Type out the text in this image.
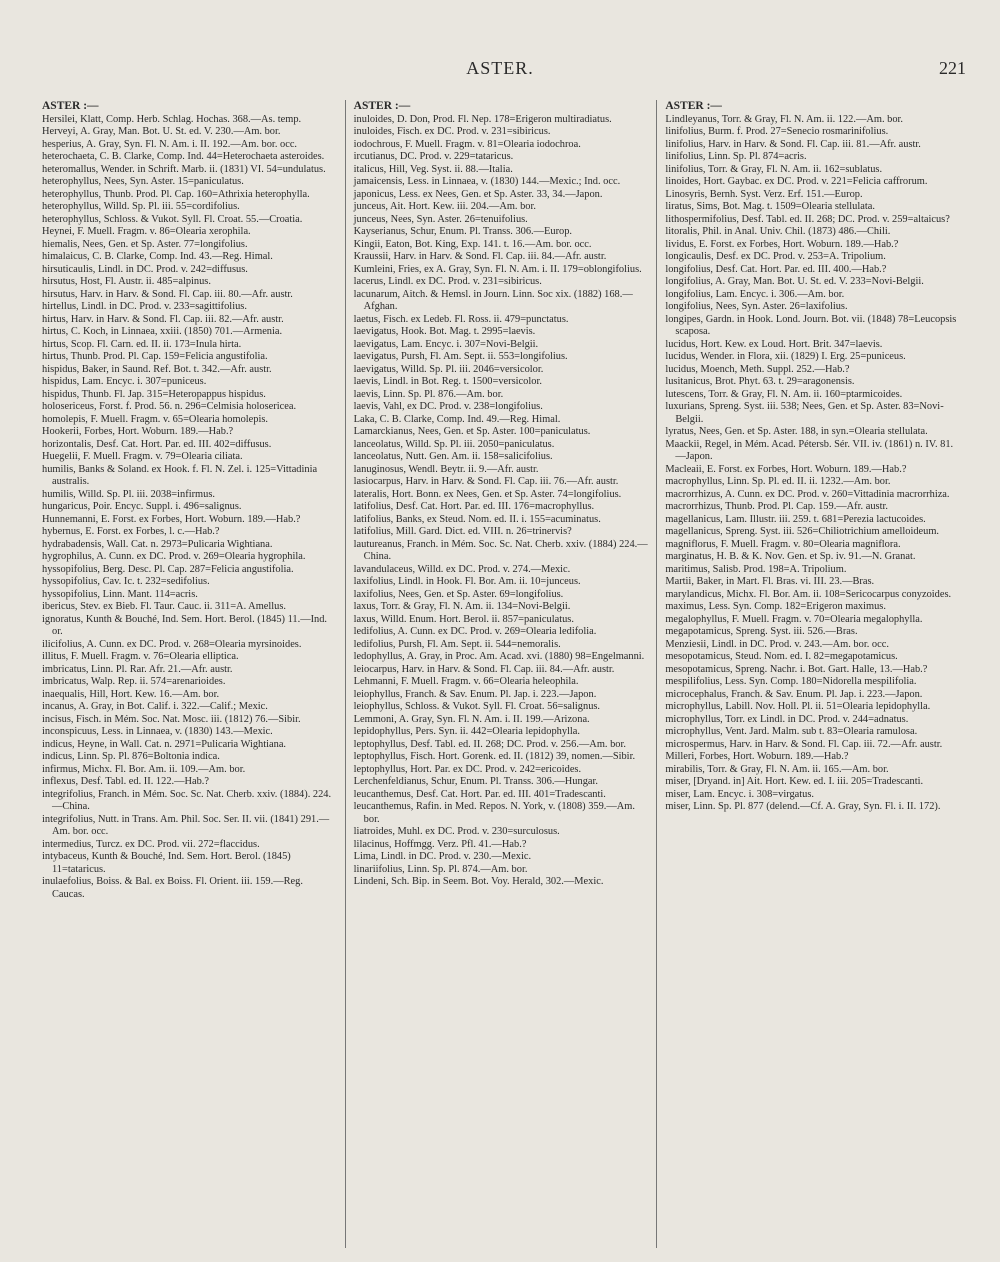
ASTER.	221
ASTER :—

Hersilei, Klatt, Comp. Herb. Schlag. Hochas. 368.—As. temp.

Herveyi, A. Gray, Man. Bot. U. St. ed. V. 230.—Am. bor.

hesperius, A. Gray, Syn. Fl. N. Am. i. II. 192.—Am. bor. occ.

heterochaeta, C. B. Clarke, Comp. Ind. 44=Heterochaeta asteroides.

heteromallus, Wender. in Schrift. Marb. ii. (1831) VI. 54=undulatus.

heterophyllus, Nees, Syn. Aster. 15=paniculatus.

heterophyllus, Thunb. Prod. Pl. Cap. 160=Athrixia heterophylla.

heterophyllus, Willd. Sp. Pl. iii. 55=cordifolius.

heterophyllus, Schloss. & Vukot. Syll. Fl. Croat. 55.—Croatia.

Heynei, F. Muell. Fragm. v. 86=Olearia xerophila.

hiemalis, Nees, Gen. et Sp. Aster. 77=longifolius.

himalaicus, C. B. Clarke, Comp. Ind. 43.—Reg. Himal.

hirsuticaulis, Lindl. in DC. Prod. v. 242=diffusus.

hirsutus, Host, Fl. Austr. ii. 485=alpinus.

hirsutus, Harv. in Harv. & Sond. Fl. Cap. iii. 80.—Afr. austr.

hirtellus, Lindl. in DC. Prod. v. 233=sagittifolius.

hirtus, Harv. in Harv. & Sond. Fl. Cap. iii. 82.—Afr. austr.

hirtus, C. Koch, in Linnaea, xxiii. (1850) 701.—Armenia.

hirtus, Scop. Fl. Carn. ed. II. ii. 173=Inula hirta.

hirtus, Thunb. Prod. Pl. Cap. 159=Felicia angustifolia.

hispidus, Baker, in Saund. Ref. Bot. t. 342.—Afr. austr.

hispidus, Lam. Encyc. i. 307=puniceus.

hispidus, Thunb. Fl. Jap. 315=Heteropappus hispidus.

holosericeus, Forst. f. Prod. 56. n. 296=Celmisia holosericea.

homolepis, F. Muell. Fragm. v. 65=Olearia homolepis.

Hookerii, Forbes, Hort. Woburn. 189.—Hab.?

horizontalis, Desf. Cat. Hort. Par. ed. III. 402=diffusus.

Huegelii, F. Muell. Fragm. v. 79=Olearia ciliata.

humilis, Banks & Soland. ex Hook. f. Fl. N. Zel. i. 125=Vittadinia australis.

humilis, Willd. Sp. Pl. iii. 2038=infirmus.

hungaricus, Poir. Encyc. Suppl. i. 496=salignus.

Hunnemanni, E. Forst. ex Forbes, Hort. Woburn. 189.—Hab.?

hybernus, E. Forst. ex Forbes, l. c.—Hab.?

hydrabadensis, Wall. Cat. n. 2973=Pulicaria Wightiana.

hygrophilus, A. Cunn. ex DC. Prod. v. 269=Olearia hygrophila.

hyssopifolius, Berg. Desc. Pl. Cap. 287=Felicia angustifolia.

hyssopifolius, Cav. Ic. t. 232=sedifolius.

hyssopifolius, Linn. Mant. 114=acris.

ibericus, Stev. ex Bieb. Fl. Taur. Cauc. ii. 311=A. Amellus.

ignoratus, Kunth & Bouché, Ind. Sem. Hort. Berol. (1845) 11.—Ind. or.

ilicifolius, A. Cunn. ex DC. Prod. v. 268=Olearia myrsinoides.

illitus, F. Muell. Fragm. v. 76=Olearia elliptica.

imbricatus, Linn. Pl. Rar. Afr. 21.—Afr. austr.

imbricatus, Walp. Rep. ii. 574=arenarioides.

inaequalis, Hill, Hort. Kew. 16.—Am. bor.

incanus, A. Gray, in Bot. Calif. i. 322.—Calif.; Mexic.

incisus, Fisch. in Mém. Soc. Nat. Mosc. iii. (1812) 76.—Sibir.

inconspicuus, Less. in Linnaea, v. (1830) 143.—Mexic.

indicus, Heyne, in Wall. Cat. n. 2971=Pulicaria Wightiana.

indicus, Linn. Sp. Pl. 876=Boltonia indica.

infirmus, Michx. Fl. Bor. Am. ii. 109.—Am. bor.

inflexus, Desf. Tabl. ed. II. 122.—Hab.?

integrifolius, Franch. in Mém. Soc. Sc. Nat. Cherb. xxiv. (1884). 224.—China.

integrifolius, Nutt. in Trans. Am. Phil. Soc. Ser. II. vii. (1841) 291.—Am. bor. occ.

intermedius, Turcz. ex DC. Prod. vii. 272=flaccidus.

intybaceus, Kunth & Bouché, Ind. Sem. Hort. Berol. (1845) 11=tataricus.

inulaefolius, Boiss. & Bal. ex Boiss. Fl. Orient. iii. 159.—Reg. Caucas.

ASTER :—

inuloides, D. Don, Prod. Fl. Nep. 178=Erigeron multiradiatus.

inuloides, Fisch. ex DC. Prod. v. 231=sibiricus.

iodochrous, F. Muell. Fragm. v. 81=Olearia iodochroa.

ircutianus, DC. Prod. v. 229=tataricus.

italicus, Hill, Veg. Syst. ii. 88.—Italia.

jamaicensis, Less. in Linnaea, v. (1830) 144.—Mexic.; Ind. occ.

japonicus, Less. ex Nees, Gen. et Sp. Aster. 33, 34.—Japon.

junceus, Ait. Hort. Kew. iii. 204.—Am. bor.

junceus, Nees, Syn. Aster. 26=tenuifolius.

Kayserianus, Schur, Enum. Pl. Transs. 306.—Europ.

Kingii, Eaton, Bot. King, Exp. 141. t. 16.—Am. bor. occ.

Kraussii, Harv. in Harv. & Sond. Fl. Cap. iii. 84.—Afr. austr.

Kumleini, Fries, ex A. Gray, Syn. Fl. N. Am. i. II. 179=oblongifolius.

lacerus, Lindl. ex DC. Prod. v. 231=sibiricus.

lacunarum, Aitch. & Hemsl. in Journ. Linn. Soc xix. (1882) 168.—Afghan.

laetus, Fisch. ex Ledeb. Fl. Ross. ii. 479=punctatus.

laevigatus, Hook. Bot. Mag. t. 2995=laevis.

laevigatus, Lam. Encyc. i. 307=Novi-Belgii.

laevigatus, Pursh, Fl. Am. Sept. ii. 553=longifolius.

laevigatus, Willd. Sp. Pl. iii. 2046=versicolor.

laevis, Lindl. in Bot. Reg. t. 1500=versicolor.

laevis, Linn. Sp. Pl. 876.—Am. bor.

laevis, Vahl, ex DC. Prod. v. 238=longifolius.

Laka, C. B. Clarke, Comp. Ind. 49.—Reg. Himal.

Lamarckianus, Nees, Gen. et Sp. Aster. 100=paniculatus.

lanceolatus, Willd. Sp. Pl. iii. 2050=paniculatus.

lanceolatus, Nutt. Gen. Am. ii. 158=salicifolius.

lanuginosus, Wendl. Beytr. ii. 9.—Afr. austr.

lasiocarpus, Harv. in Harv. & Sond. Fl. Cap. iii. 76.—Afr. austr.

lateralis, Hort. Bonn. ex Nees, Gen. et Sp. Aster. 74=longifolius.

latifolius, Desf. Cat. Hort. Par. ed. III. 176=macrophyllus.

latifolius, Banks, ex Steud. Nom. ed. II. i. 155=acuminatus.

latifolius, Mill. Gard. Dict. ed. VIII. n. 26=trinervis?

lautureanus, Franch. in Mém. Soc. Sc. Nat. Cherb. xxiv. (1884) 224.—China.

lavandulaceus, Willd. ex DC. Prod. v. 274.—Mexic.

laxifolius, Lindl. in Hook. Fl. Bor. Am. ii. 10=junceus.

laxifolius, Nees, Gen. et Sp. Aster. 69=longifolius.

laxus, Torr. & Gray, Fl. N. Am. ii. 134=Novi-Belgii.

laxus, Willd. Enum. Hort. Berol. ii. 857=paniculatus.

ledifolius, A. Cunn. ex DC. Prod. v. 269=Olearia ledifolia.

ledifolius, Pursh, Fl. Am. Sept. ii. 544=nemoralis.

ledophyllus, A. Gray, in Proc. Am. Acad. xvi. (1880) 98=Engelmanni.

leiocarpus, Harv. in Harv. & Sond. Fl. Cap. iii. 84.—Afr. austr.

Lehmanni, F. Muell. Fragm. v. 66=Olearia heleophila.

leiophyllus, Franch. & Sav. Enum. Pl. Jap. i. 223.—Japon.

leiophyllus, Schloss. & Vukot. Syll. Fl. Croat. 56=salignus.

Lemmoni, A. Gray, Syn. Fl. N. Am. i. II. 199.—Arizona.

lepidophyllus, Pers. Syn. ii. 442=Olearia lepidophylla.

leptophyllus, Desf. Tabl. ed. II. 268; DC. Prod. v. 256.—Am. bor.

leptophyllus, Fisch. Hort. Gorenk. ed. II. (1812) 39, nomen.—Sibir.

leptophyllus, Hort. Par. ex DC. Prod. v. 242=ericoides.

Lerchenfeldianus, Schur, Enum. Pl. Transs. 306.—Hungar.

leucanthemus, Desf. Cat. Hort. Par. ed. III. 401=Tradescanti.

leucanthemus, Rafin. in Med. Repos. N. York, v. (1808) 359.—Am. bor.

liatroides, Muhl. ex DC. Prod. v. 230=surculosus.

lilacinus, Hoffmgg. Verz. Pfl. 41.—Hab.?

Lima, Lindl. in DC. Prod. v. 230.—Mexic.

linariifolius, Linn. Sp. Pl. 874.—Am. bor.

Lindeni, Sch. Bip. in Seem. Bot. Voy. Herald, 302.—Mexic.

ASTER :—

Lindleyanus, Torr. & Gray, Fl. N. Am. ii. 122.—Am. bor.

linifolius, Burm. f. Prod. 27=Senecio rosmarinifolius.

linifolius, Harv. in Harv. & Sond. Fl. Cap. iii. 81.—Afr. austr.

linifolius, Linn. Sp. Pl. 874=acris.

linifolius, Torr. & Gray, Fl. N. Am. ii. 162=sublatus.

linoides, Hort. Gaybac. ex DC. Prod. v. 221=Felicia caffrorum.

Linosyris, Bernh. Syst. Verz. Erf. 151.—Europ.

liratus, Sims, Bot. Mag. t. 1509=Olearia stellulata.

lithospermifolius, Desf. Tabl. ed. II. 268; DC. Prod. v. 259=altaicus?

litoralis, Phil. in Anal. Univ. Chil. (1873) 486.—Chili.

lividus, E. Forst. ex Forbes, Hort. Woburn. 189.—Hab.?

longicaulis, Desf. ex DC. Prod. v. 253=A. Tripolium.

longifolius, Desf. Cat. Hort. Par. ed. III. 400.—Hab.?

longifolius, A. Gray, Man. Bot. U. St. ed. V. 233=Novi-Belgii.

longifolius, Lam. Encyc. i. 306.—Am. bor.

longifolius, Nees, Syn. Aster. 26=laxifolius.

longipes, Gardn. in Hook. Lond. Journ. Bot. vii. (1848) 78=Leucopsis scaposa.

lucidus, Hort. Kew. ex Loud. Hort. Brit. 347=laevis.

lucidus, Wender. in Flora, xii. (1829) I. Erg. 25=puniceus.

lucidus, Moench, Meth. Suppl. 252.—Hab.?

lusitanicus, Brot. Phyt. 63. t. 29=aragonensis.

lutescens, Torr. & Gray, Fl. N. Am. ii. 160=ptarmicoides.

luxurians, Spreng. Syst. iii. 538; Nees, Gen. et Sp. Aster. 83=Novi-Belgii.

lyratus, Nees, Gen. et Sp. Aster. 188, in syn.=Olearia stellulata.

Maackii, Regel, in Mém. Acad. Pétersb. Sér. VII. iv. (1861) n. IV. 81.—Japon.

Macleaii, E. Forst. ex Forbes, Hort. Woburn. 189.—Hab.?

macrophyllus, Linn. Sp. Pl. ed. II. ii. 1232.—Am. bor.

macrorrhizus, A. Cunn. ex DC. Prod. v. 260=Vittadinia macrorrhiza.

macrorrhizus, Thunb. Prod. Pl. Cap. 159.—Afr. austr.

magellanicus, Lam. Illustr. iii. 259. t. 681=Perezia lactucoides.

magellanicus, Spreng. Syst. iii. 526=Chiliotrichium amelloideum.

magniflorus, F. Muell. Fragm. v. 80=Olearia magniflora.

marginatus, H. B. & K. Nov. Gen. et Sp. iv. 91.—N. Granat.

maritimus, Salisb. Prod. 198=A. Tripolium.

Martii, Baker, in Mart. Fl. Bras. vi. III. 23.—Bras.

marylandicus, Michx. Fl. Bor. Am. ii. 108=Sericocarpus conyzoides.

maximus, Less. Syn. Comp. 182=Erigeron maximus.

megalophyllus, F. Muell. Fragm. v. 70=Olearia megalophylla.

megapotamicus, Spreng. Syst. iii. 526.—Bras.

Menziesii, Lindl. in DC. Prod. v. 243.—Am. bor. occ.

mesopotamicus, Steud. Nom. ed. I. 82=megapotamicus.

mesopotamicus, Spreng. Nachr. i. Bot. Gart. Halle, 13.—Hab.?

mespilifolius, Less. Syn. Comp. 180=Nidorella mespilifolia.

microcephalus, Franch. & Sav. Enum. Pl. Jap. i. 223.—Japon.

microphyllus, Labill. Nov. Holl. Pl. ii. 51=Olearia lepidophylla.

microphyllus, Torr. ex Lindl. in DC. Prod. v. 244=adnatus.

microphyllus, Vent. Jard. Malm. sub t. 83=Olearia ramulosa.

microspermus, Harv. in Harv. & Sond. Fl. Cap. iii. 72.—Afr. austr.

Milleri, Forbes, Hort. Woburn. 189.—Hab.?

mirabilis, Torr. & Gray, Fl. N. Am. ii. 165.—Am. bor.

miser, [Dryand. in] Ait. Hort. Kew. ed. I. iii. 205=Tradescanti.

miser, Lam. Encyc. i. 308=virgatus.

miser, Linn. Sp. Pl. 877 (delend.—Cf. A. Gray, Syn. Fl. i. II. 172).
